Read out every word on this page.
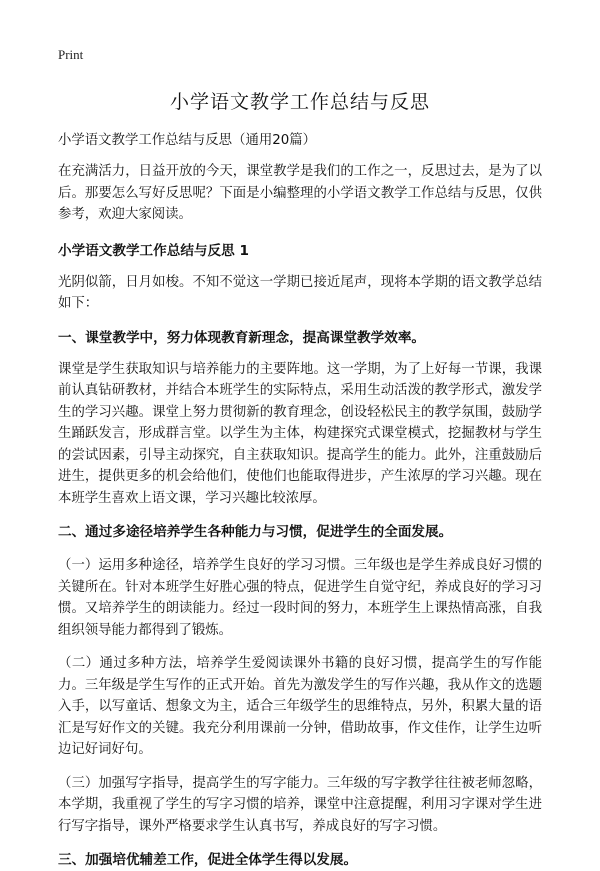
Print
小学语文教学工作总结与反思
小学语文教学工作总结与反思（通用20篇）

在充满活力，日益开放的今天，课堂教学是我们的工作之一，反思过去，是为了以后。那要怎么写好反思呢？下面是小编整理的小学语文教学工作总结与反思，仅供参考，欢迎大家阅读。

小学语文教学工作总结与反思 1

光阴似箭，日月如梭。不知不觉这一学期已接近尾声，现将本学期的语文教学总结如下：

一、课堂教学中，努力体现教育新理念，提高课堂教学效率。

课堂是学生获取知识与培养能力的主要阵地。这一学期，为了上好每一节课，我课前认真钻研教材，并结合本班学生的实际特点，采用生动活泼的教学形式，激发学生的学习兴趣。课堂上努力贯彻新的教育理念，创设轻松民主的教学氛围，鼓励学生踊跃发言，形成群言堂。以学生为主体，构建探究式课堂模式，挖掘教材与学生的尝试因素，引导主动探究，自主获取知识。提高学生的能力。此外，注重鼓励后进生，提供更多的机会给他们，使他们也能取得进步，产生浓厚的学习兴趣。现在本班学生喜欢上语文课，学习兴趣比较浓厚。

二、通过多途径培养学生各种能力与习惯，促进学生的全面发展。

（一）运用多种途径，培养学生良好的学习习惯。三年级也是学生养成良好习惯的关键所在。针对本班学生好胜心强的特点，促进学生自觉守纪，养成良好的学习习惯。又培养学生的朗读能力。经过一段时间的努力，本班学生上课热情高涨，自我组织领导能力都得到了锻炼。

（二）通过多种方法，培养学生爱阅读课外书籍的良好习惯，提高学生的写作能力。三年级是学生写作的正式开始。首先为激发学生的写作兴趣，我从作文的选题入手，以写童话、想象文为主，适合三年级学生的思维特点，另外，积累大量的语汇是写好作文的关键。我充分利用课前一分钟，借助故事，作文佳作，让学生边听边记好词好句。

（三）加强写字指导，提高学生的写字能力。三年级的写字教学往往被老师忽略，本学期，我重视了学生的写字习惯的培养，课堂中注意提醒，利用习字课对学生进行写字指导，课外严格要求学生认真书写，养成良好的写字习惯。

三、加强培优辅差工作，促进全体学生得以发展。
